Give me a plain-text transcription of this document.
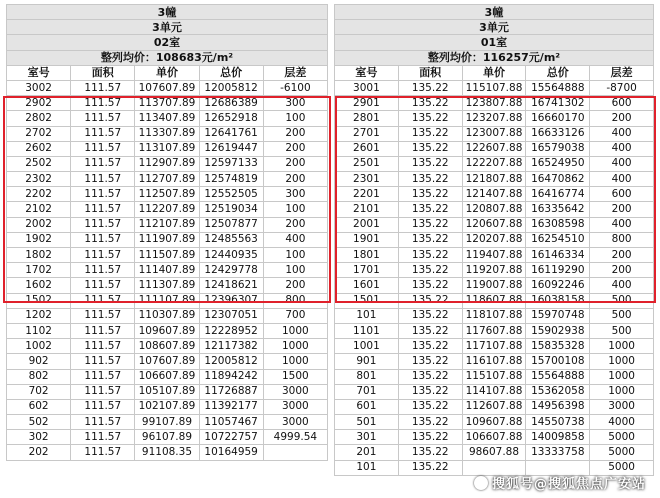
3幢				
3单元				
02室				
整列均价：108683元/m²				
室号	面积	单价	总价	层差
3002	111.57	107607.89	12005812	-6100
2902	111.57	113707.89	12686389	300
2802	111.57	113407.89	12652918	100
2702	111.57	113307.89	12641761	200
2602	111.57	113107.89	12619447	200
2502	111.57	112907.89	12597133	200
2302	111.57	112707.89	12574819	200
2202	111.57	112507.89	12552505	300
2102	111.57	112207.89	12519034	100
2002	111.57	112107.89	12507877	200
1902	111.57	111907.89	12485563	400
1802	111.57	111507.89	12440935	100
1702	111.57	111407.89	12429778	100
1602	111.57	111307.89	12418621	200
1502	111.57	111107.89	12396307	800
1202	111.57	110307.89	12307051	700
1102	111.57	109607.89	12228952	1000
1002	111.57	108607.89	12117382	1000
902	111.57	107607.89	12005812	1000
802	111.57	106607.89	11894242	1500
702	111.57	105107.89	11726887	3000
602	111.57	102107.89	11392177	3000
502	111.57	99107.89	11057467	3000
302	111.57	96107.89	10722757	4999.54
202	111.57	91108.35	10164959	
3幢				
3单元				
01室				
整列均价：116257元/m²				
室号	面积	单价	总价	层差
3001	135.22	115107.88	15564888	-8700
2901	135.22	123807.88	16741302	600
2801	135.22	123207.88	16660170	200
2701	135.22	123007.88	16633126	400
2601	135.22	122607.88	16579038	400
2501	135.22	122207.88	16524950	400
2301	135.22	121807.88	16470862	400
2201	135.22	121407.88	16416774	600
2101	135.22	120807.88	16335642	200
2001	135.22	120607.88	16308598	400
1901	135.22	120207.88	16254510	800
1801	135.22	119407.88	16146334	200
1701	135.22	119207.88	16119290	200
1601	135.22	119007.88	16092246	400
1501	135.22	118607.88	16038158	500
101	135.22	118107.88	15970748	500
1101	135.22	117607.88	15902938	500
1001	135.22	117107.88	15835328	1000
901	135.22	116107.88	15700108	1000
801	135.22	115107.88	15564888	1000
701	135.22	114107.88	15362058	1000
601	135.22	112607.88	14956398	3000
501	135.22	109607.88	14550738	4000
301	135.22	106607.88	14009858	5000
201	135.22	98607.88	13333758	5000
101	135.22			5000
搜狐号@搜狐焦点广安站
